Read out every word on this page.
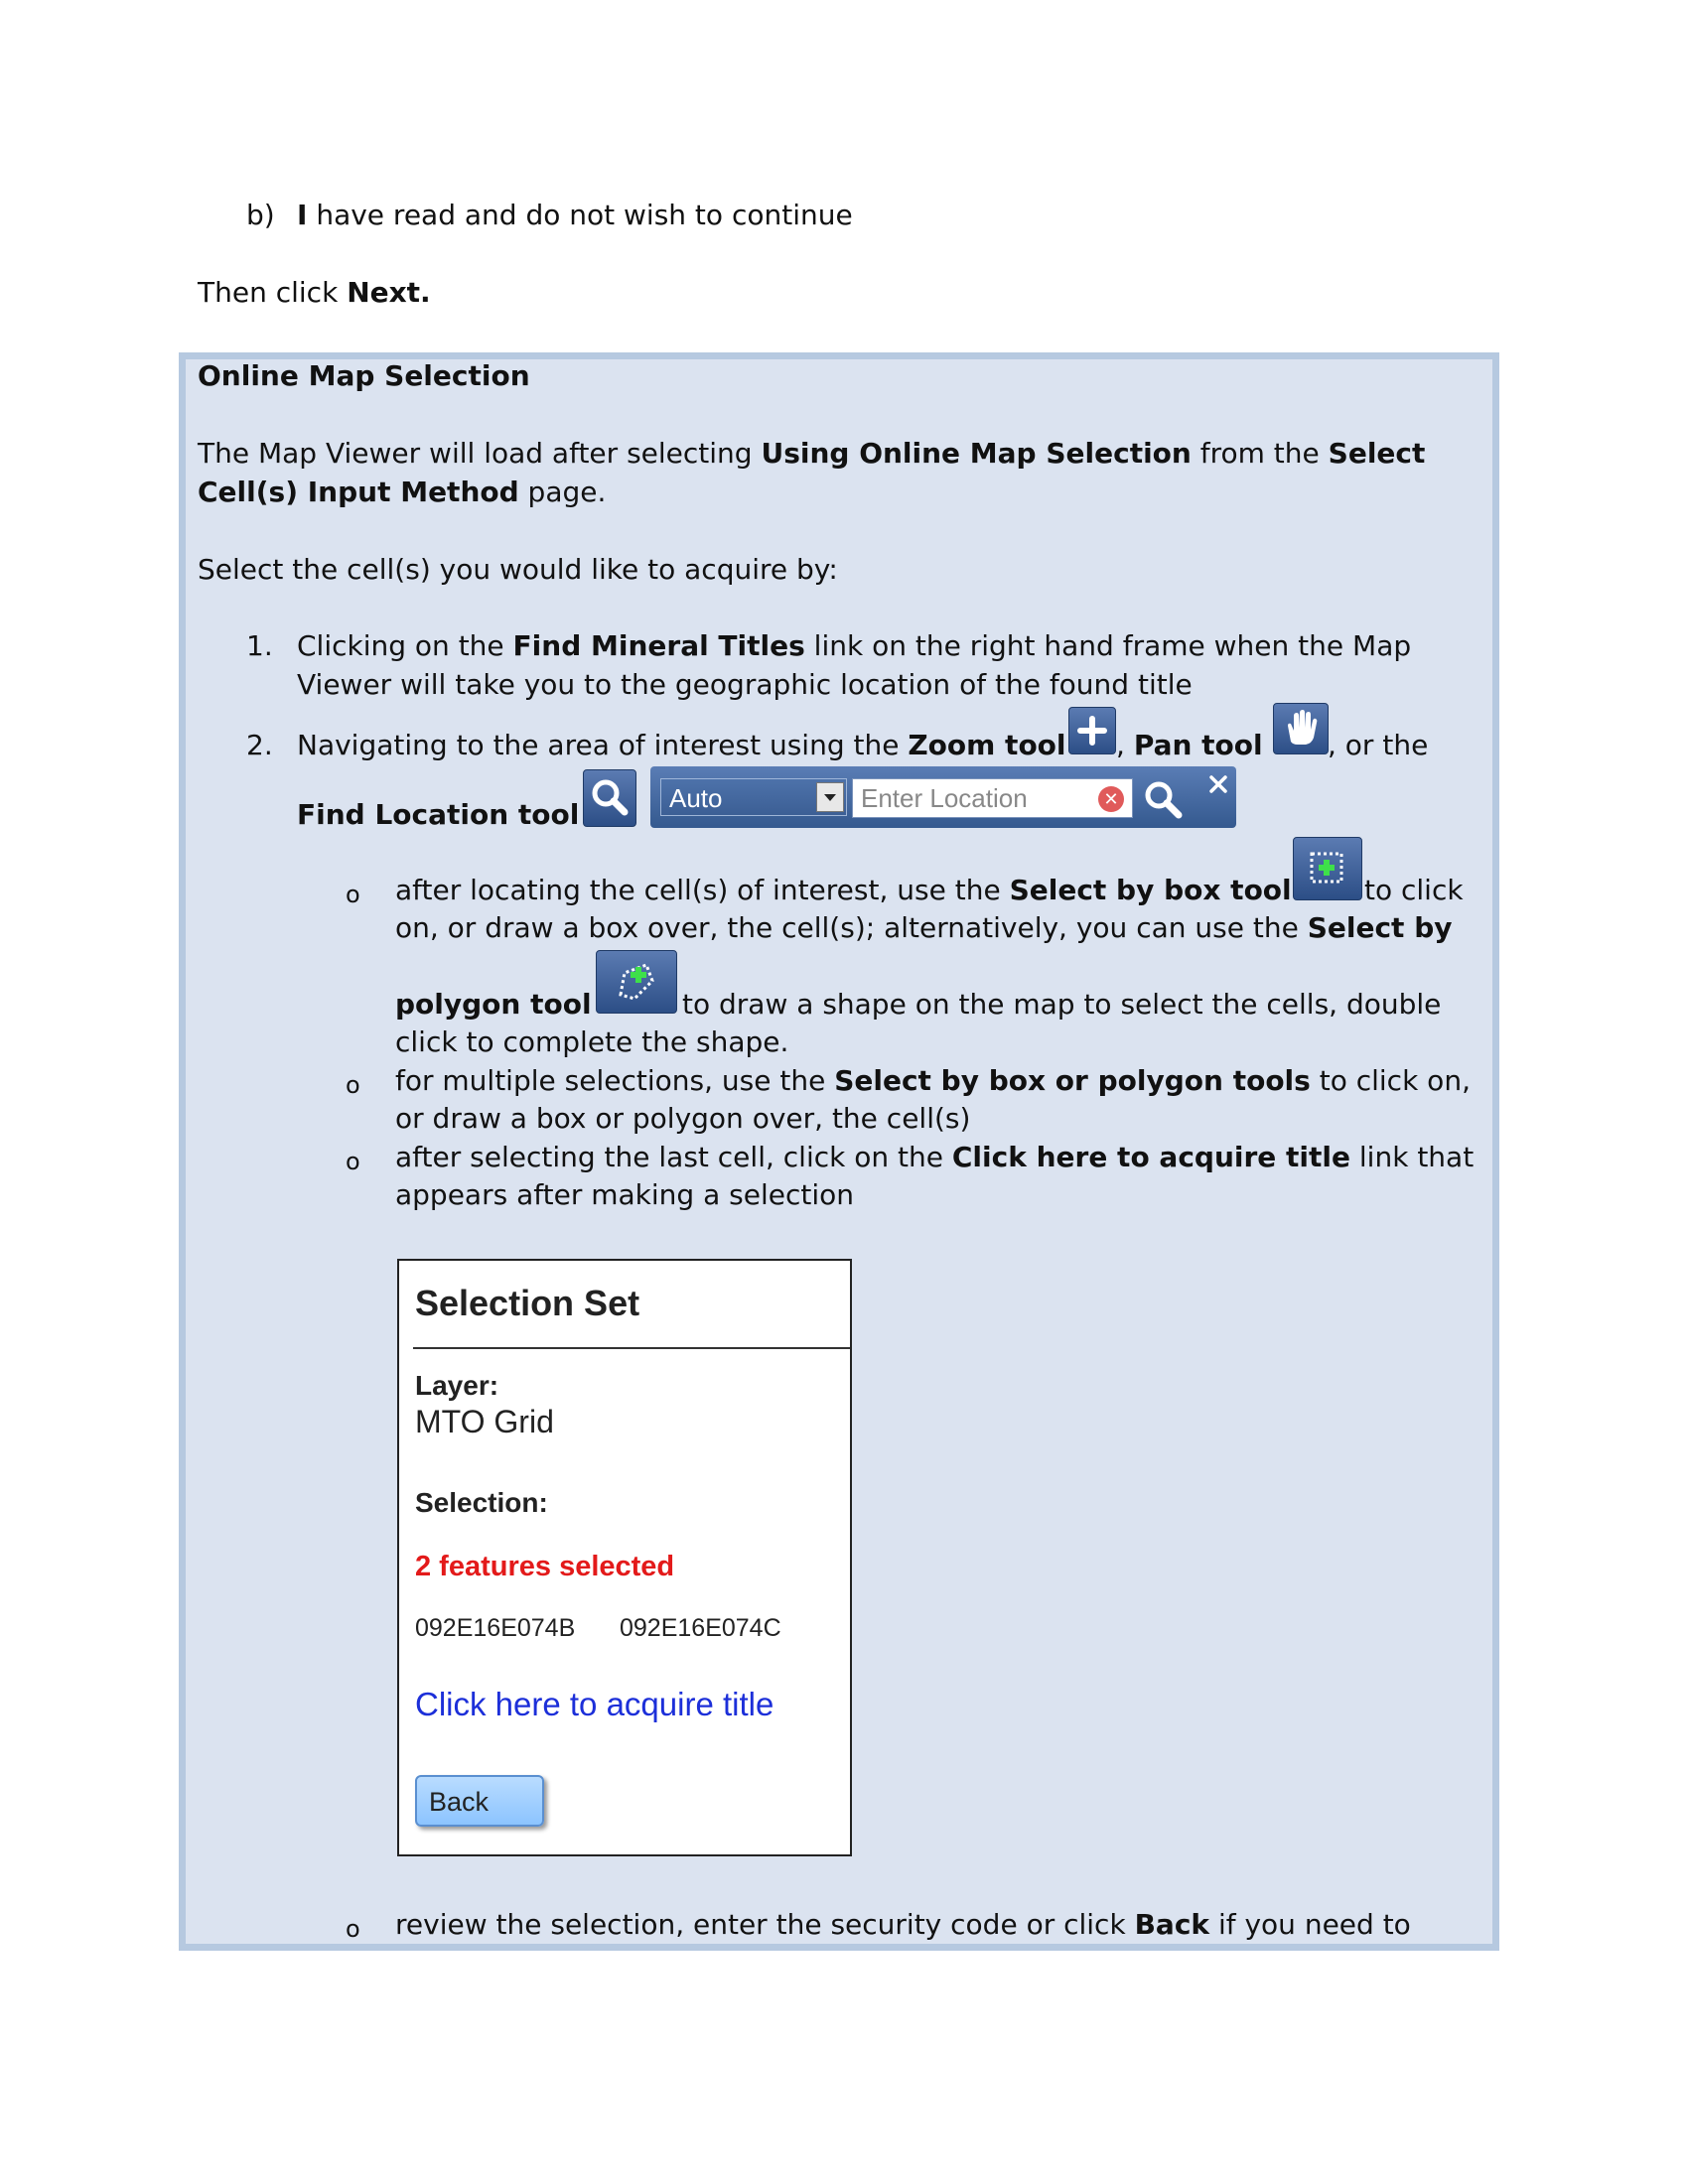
b) I have read and do not wish to continue
Then click Next.
Online Map Selection
The Map Viewer will load after selecting Using Online Map Selection from the Select
Cell(s) Input Method page.
Select the cell(s) you would like to acquire by:
1. Clicking on the Find Mineral Titles link on the right hand frame when the Map
Viewer will take you to the geographic location of the found title
2. Navigating to the area of interest using the Zoom tool , Pan tool , or the
Find Location tool	Auto	Enter Location	✕
o after locating the cell(s) of interest, use the Select by box tool	to click
on, or draw a box over, the cell(s); alternatively, you can use the Select by
polygon tool	to draw a shape on the map to select the cells, double
click to complete the shape.
o for multiple selections, use the Select by box or polygon tools to click on,
or draw a box or polygon over, the cell(s)
o after selecting the last cell, click on the Click here to acquire title link that
appears after making a selection
Selection Set
Layer:
MTO Grid
Selection:
2 features selected
092E16E074B 092E16E074C
Click here to acquire title
Back
o review the selection, enter the security code or click Back if you need to
